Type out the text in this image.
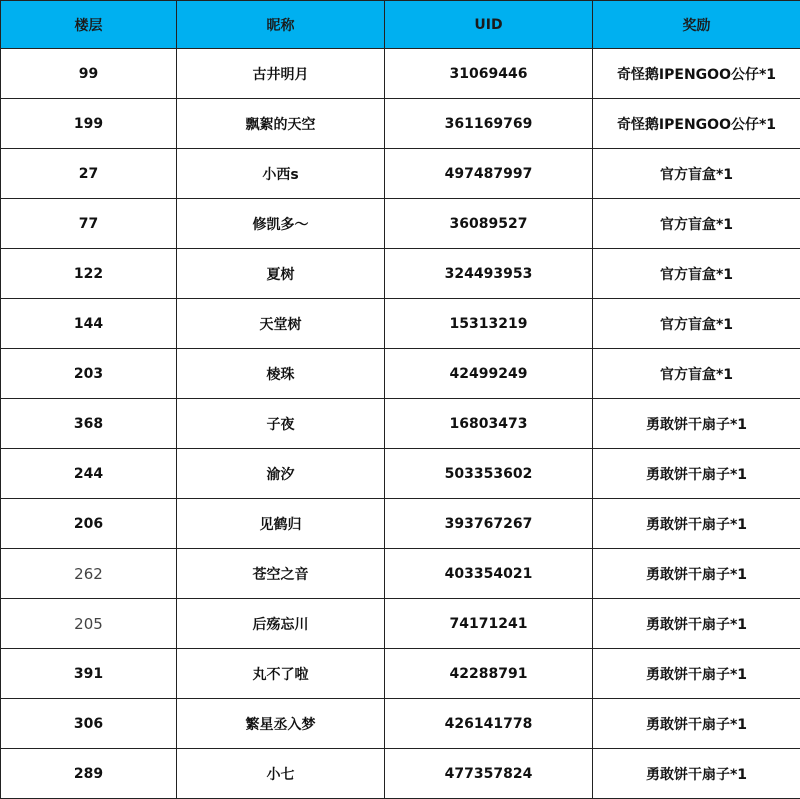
楼层	昵称	UID	奖励
99	古井明月	31069446	奇怪鹅IPENGOO公仔*1
199	飘絮的天空	361169769	奇怪鹅IPENGOO公仔*1
27	小西s	497487997	官方盲盒*1
77	修凯多～	36089527	官方盲盒*1
122	夏树	324493953	官方盲盒*1
144	天堂树	15313219	官方盲盒*1
203	棱珠	42499249	官方盲盒*1
368	子夜	16803473	勇敢饼干扇子*1
244	渝汐	503353602	勇敢饼干扇子*1
206	见鹤归	393767267	勇敢饼干扇子*1
262	苍空之音	403354021	勇敢饼干扇子*1
205	后殇忘川	74171241	勇敢饼干扇子*1
391	丸不了啦	42288791	勇敢饼干扇子*1
306	繁星丞入梦	426141778	勇敢饼干扇子*1
289	小七	477357824	勇敢饼干扇子*1
